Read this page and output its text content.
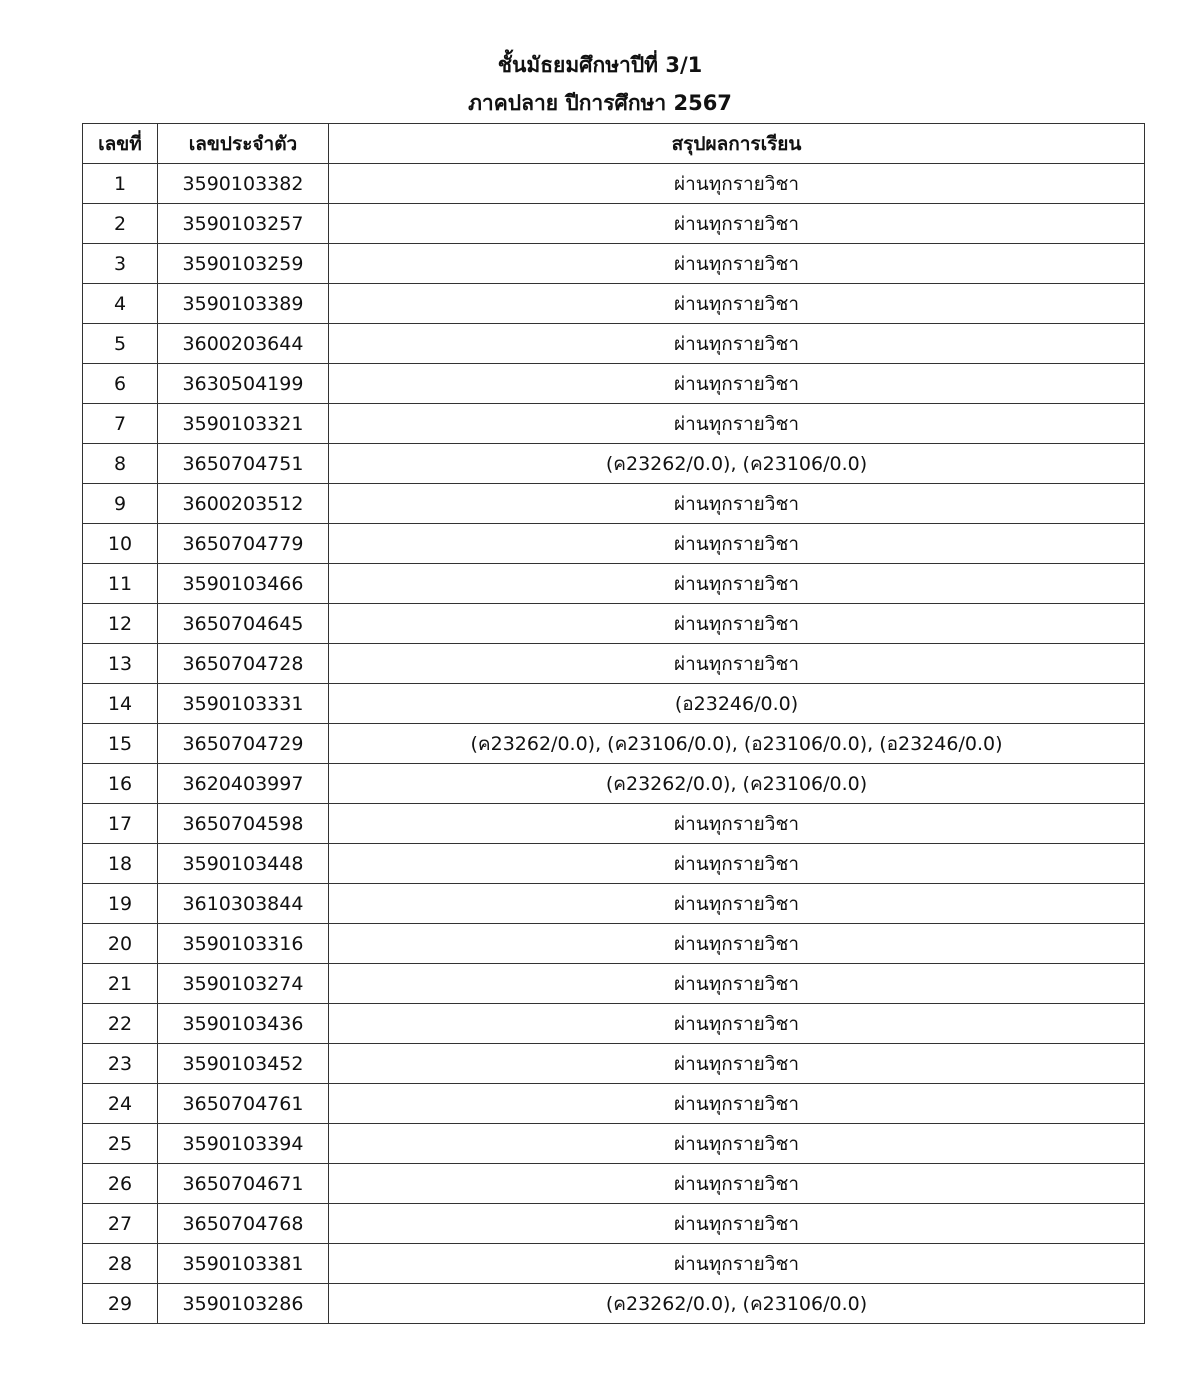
ชั้นมัธยมศึกษาปีที่ 3/1
ภาคปลาย ปีการศึกษา 2567
เลขที่	เลขประจำตัว	สรุปผลการเรียน
1	3590103382	ผ่านทุกรายวิชา
2	3590103257	ผ่านทุกรายวิชา
3	3590103259	ผ่านทุกรายวิชา
4	3590103389	ผ่านทุกรายวิชา
5	3600203644	ผ่านทุกรายวิชา
6	3630504199	ผ่านทุกรายวิชา
7	3590103321	ผ่านทุกรายวิชา
8	3650704751	(ค23262/0.0), (ค23106/0.0)
9	3600203512	ผ่านทุกรายวิชา
10	3650704779	ผ่านทุกรายวิชา
11	3590103466	ผ่านทุกรายวิชา
12	3650704645	ผ่านทุกรายวิชา
13	3650704728	ผ่านทุกรายวิชา
14	3590103331	(อ23246/0.0)
15	3650704729	(ค23262/0.0), (ค23106/0.0), (อ23106/0.0), (อ23246/0.0)
16	3620403997	(ค23262/0.0), (ค23106/0.0)
17	3650704598	ผ่านทุกรายวิชา
18	3590103448	ผ่านทุกรายวิชา
19	3610303844	ผ่านทุกรายวิชา
20	3590103316	ผ่านทุกรายวิชา
21	3590103274	ผ่านทุกรายวิชา
22	3590103436	ผ่านทุกรายวิชา
23	3590103452	ผ่านทุกรายวิชา
24	3650704761	ผ่านทุกรายวิชา
25	3590103394	ผ่านทุกรายวิชา
26	3650704671	ผ่านทุกรายวิชา
27	3650704768	ผ่านทุกรายวิชา
28	3590103381	ผ่านทุกรายวิชา
29	3590103286	(ค23262/0.0), (ค23106/0.0)
